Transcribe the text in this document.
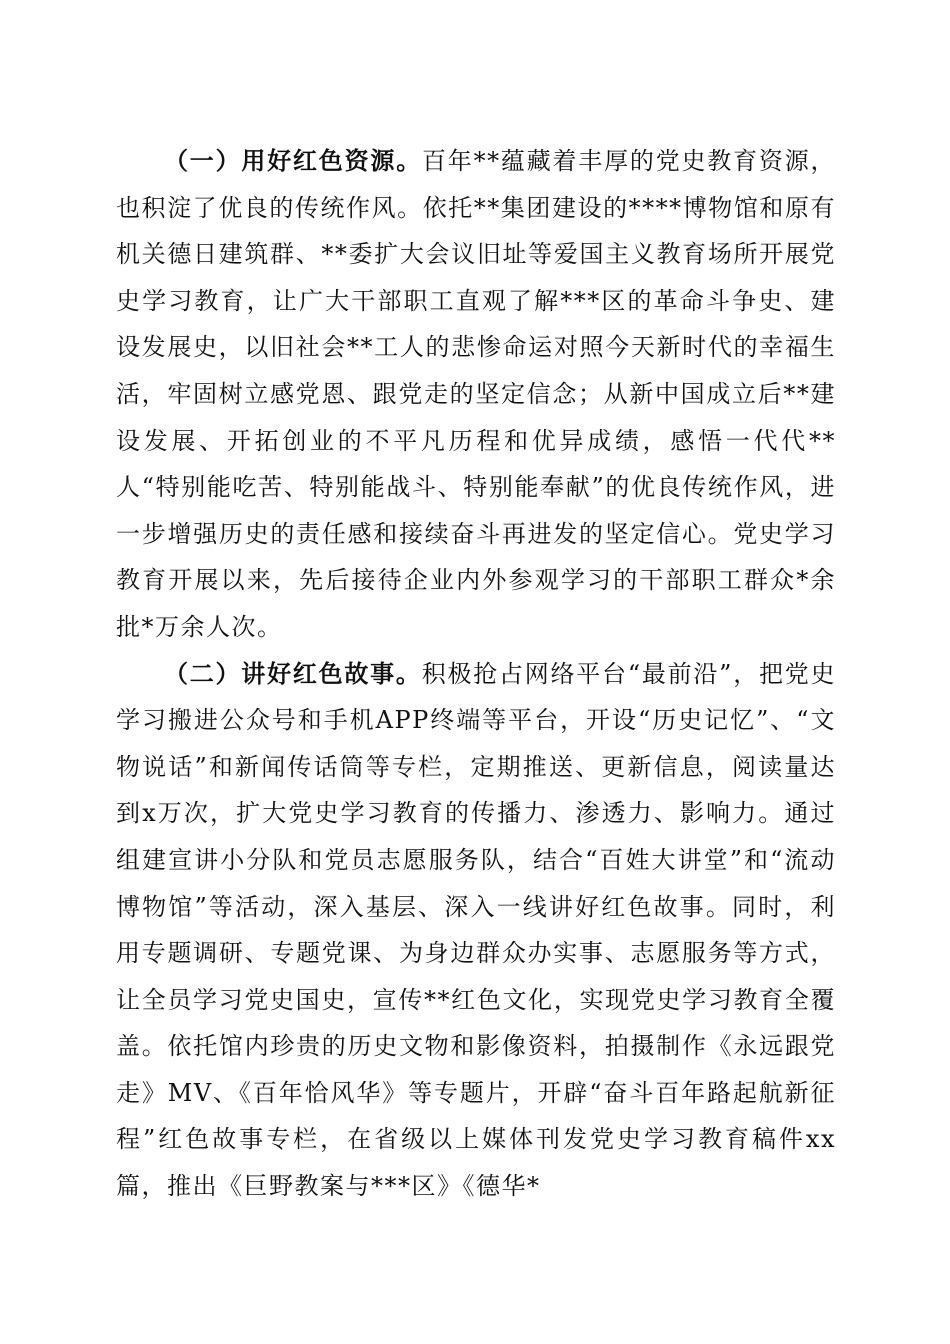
（一）用好红色资源。百年**蕴藏着丰厚的党史教育资源，也积淀了优良的传统作风。依托**集团建设的****博物馆和原有机关德日建筑群、**委扩大会议旧址等爱国主义教育场所开展党史学习教育，让广大干部职工直观了解***区的革命斗争史、建设发展史，以旧社会**工人的悲惨命运对照今天新时代的幸福生活，牢固树立感党恩、跟党走的坚定信念；从新中国成立后**建设发展、开拓创业的不平凡历程和优异成绩，感悟一代代**人“特别能吃苦、特别能战斗、特别能奉献”的优良传统作风，进一步增强历史的责任感和接续奋斗再进发的坚定信心。党史学习教育开展以来，先后接待企业内外参观学习的干部职工群众*余批*万余人次。

（二）讲好红色故事。积极抢占网络平台“最前沿”，把党史学习搬进公众号和手机APP终端等平台，开设“历史记忆”、“文物说话”和新闻传话筒等专栏，定期推送、更新信息，阅读量达到x万次，扩大党史学习教育的传播力、渗透力、影响力。通过组建宣讲小分队和党员志愿服务队，结合“百姓大讲堂”和“流动博物馆”等活动，深入基层、深入一线讲好红色故事。同时，利用专题调研、专题党课、为身边群众办实事、志愿服务等方式，让全员学习党史国史，宣传**红色文化，实现党史学习教育全覆盖。依托馆内珍贵的历史文物和影像资料，拍摄制作《永远跟党走》MV、《百年恰风华》等专题片，开辟“奋斗百年路起航新征程”红色故事专栏，在省级以上媒体刊发党史学习教育稿件xx篇，推出《巨野教案与***区》《德华*
